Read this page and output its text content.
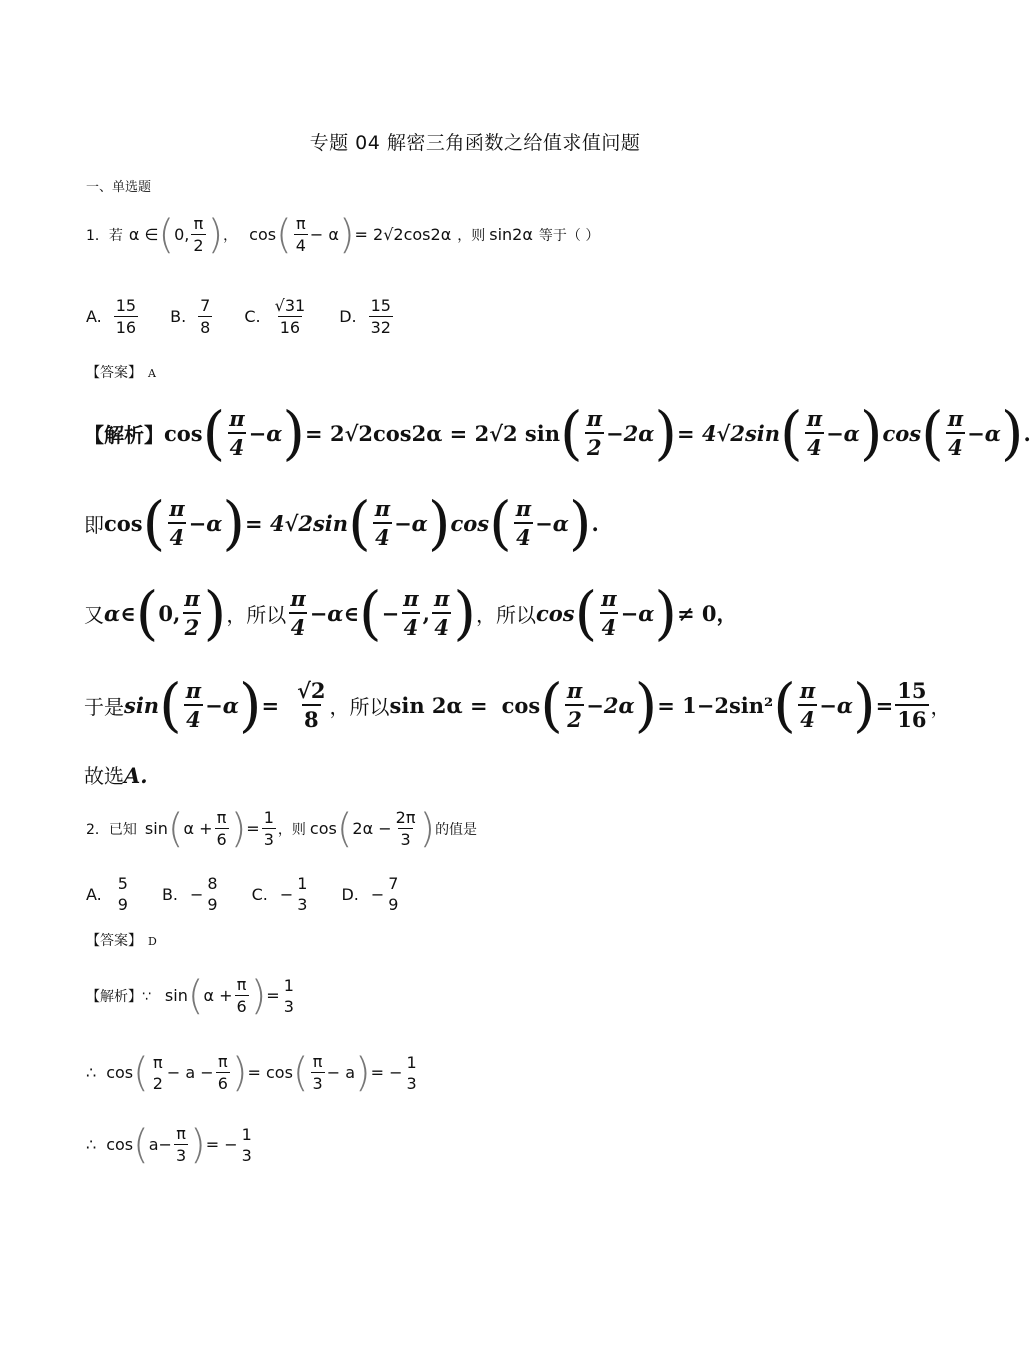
专题 04 解密三角函数之给值求值问题
一、单选题
1．若 α ∈ ( 0, $\frac{\pi}{2}$ ) ， cos ( $\frac{\pi}{4} - \alpha$ ) = 2√2cos2α ，则 sin2α 等于（ ）
A. $\frac{15}{16} B$. $\frac{7}{8} C$. $\frac{√31}{16} D$. $\frac{15}{32}$
【答案】 A
【解析】 cos ( $\frac{\pi}{4} -\alpha$ ) = 2√2cos2α = 2√2 sin ( $\frac{\pi}{2} -2\alpha$ ) = 4√2sin ( $\frac{\pi}{4} -\alpha$ ) cos ( $\frac{\pi}{4} -\alpha$ ) .
即 cos ( $\frac{\pi}{4} -\alpha$ ) = 4√2sin ( $\frac{\pi}{4} -\alpha$ ) cos ( $\frac{\pi}{4} -\alpha$ ) .
又 α∈ ( 0, $\frac{\pi}{2}$ ) ，所以 $\frac{\pi}{4}$ −α∈ ( − $\frac{\pi}{4}$ , $\frac{\pi}{4}$ ) ，所以 cos ( $\frac{\pi}{4} -\alpha$ ) ≠ 0，
于是 sin ( $\frac{\pi}{4} -\alpha$ ) = $\frac{√2}{8}$ ，所以 sin 2α = cos ( $\frac{\pi}{2} -2\alpha$ ) = 1−2sin² ( $\frac{\pi}{4} -\alpha$ ) = $\frac{15}{16}$ ，
故选A.
2．已知 sin ( $\alpha + \frac{\pi}{6}$ ) = $\frac{1}{3}$ ，则 cos ( $2\alpha - \frac{2\pi}{3}$ ) 的值是
A.
5
9
B. −
8
9
C. −
1
3
D. −
7
9
【答案】 D
【解析】∵ sin ( $\alpha + \frac{\pi}{6}$ ) =
1
3
∴ cos ( π
2
− $a - \frac{\pi}{6}$ ) = cos ( $\frac{\pi}{3} - a$ ) = −
1
3
∴ cos ( $a - \frac{\pi}{3}$ ) = −
1
3
